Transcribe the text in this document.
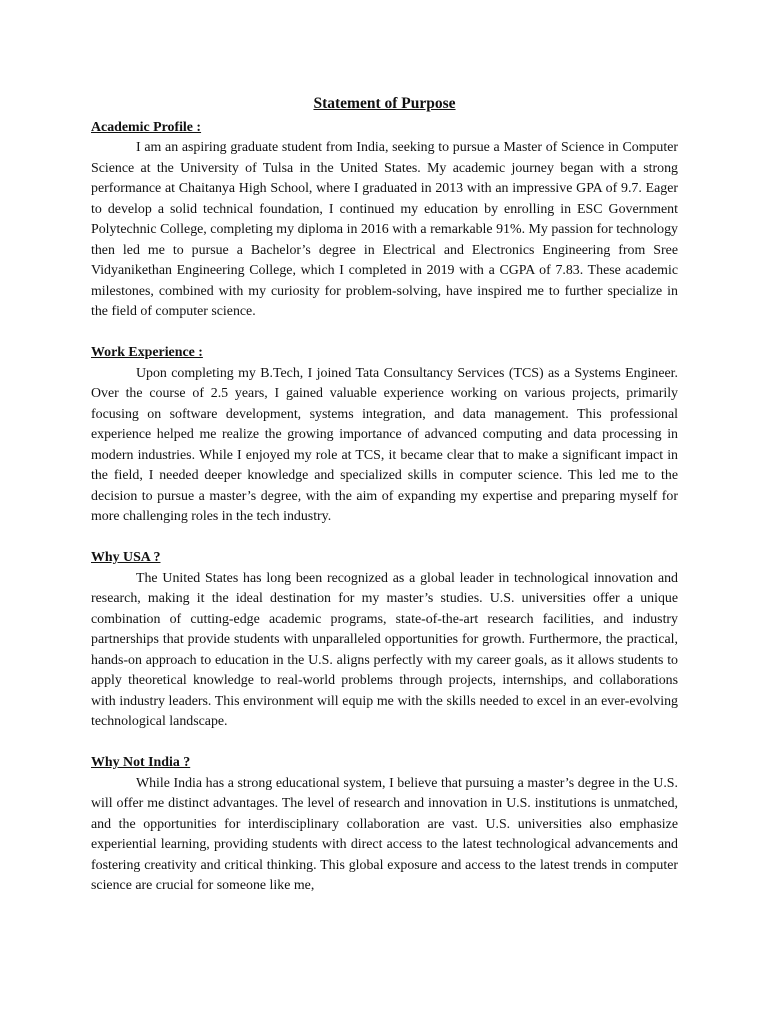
Statement of Purpose

Academic Profile :

I am an aspiring graduate student from India, seeking to pursue a Master of Science in Computer Science at the University of Tulsa in the United States. My academic journey began with a strong performance at Chaitanya High School, where I graduated in 2013 with an impressive GPA of 9.7. Eager to develop a solid technical foundation, I continued my education by enrolling in ESC Government Polytechnic College, completing my diploma in 2016 with a remarkable 91%. My passion for technology then led me to pursue a Bachelor’s degree in Electrical and Electronics Engineering from Sree Vidyanikethan Engineering College, which I completed in 2019 with a CGPA of 7.83. These academic milestones, combined with my curiosity for problem-solving, have inspired me to further specialize in the field of computer science.

Work Experience :

Upon completing my B.Tech, I joined Tata Consultancy Services (TCS) as a Systems Engineer. Over the course of 2.5 years, I gained valuable experience working on various projects, primarily focusing on software development, systems integration, and data management. This professional experience helped me realize the growing importance of advanced computing and data processing in modern industries. While I enjoyed my role at TCS, it became clear that to make a significant impact in the field, I needed deeper knowledge and specialized skills in computer science. This led me to the decision to pursue a master’s degree, with the aim of expanding my expertise and preparing myself for more challenging roles in the tech industry.

Why USA ?

The United States has long been recognized as a global leader in technological innovation and research, making it the ideal destination for my master’s studies. U.S. universities offer a unique combination of cutting-edge academic programs, state-of-the-art research facilities, and industry partnerships that provide students with unparalleled opportunities for growth. Furthermore, the practical, hands-on approach to education in the U.S. aligns perfectly with my career goals, as it allows students to apply theoretical knowledge to real-world problems through projects, internships, and collaborations with industry leaders. This environment will equip me with the skills needed to excel in an ever-evolving technological landscape.

Why Not India ?

While India has a strong educational system, I believe that pursuing a master’s degree in the U.S. will offer me distinct advantages. The level of research and innovation in U.S. institutions is unmatched, and the opportunities for interdisciplinary collaboration are vast. U.S. universities also emphasize experiential learning, providing students with direct access to the latest technological advancements and fostering creativity and critical thinking. This global exposure and access to the latest trends in computer science are crucial for someone like me,
